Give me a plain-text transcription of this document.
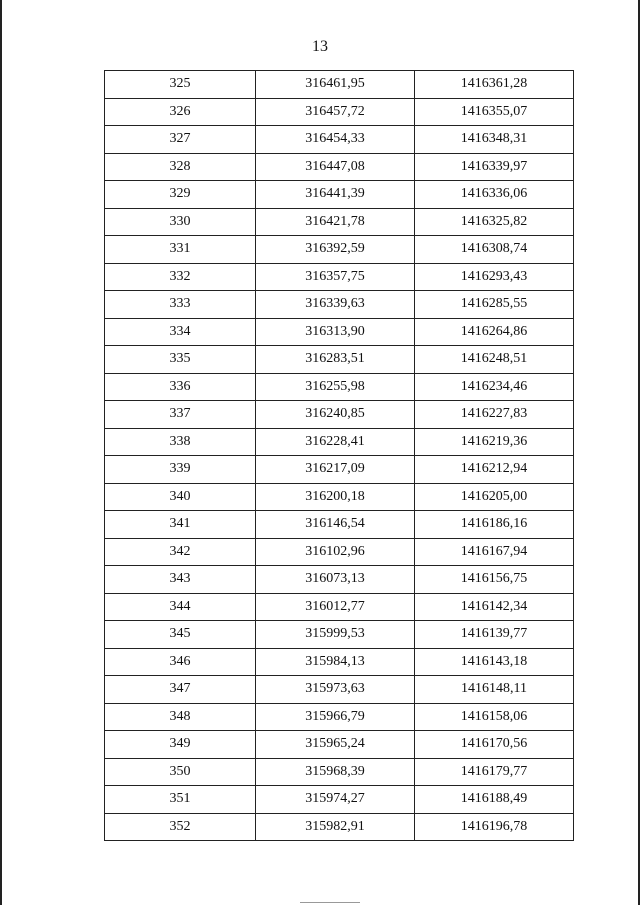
13
325	316461,95	1416361,28
326	316457,72	1416355,07
327	316454,33	1416348,31
328	316447,08	1416339,97
329	316441,39	1416336,06
330	316421,78	1416325,82
331	316392,59	1416308,74
332	316357,75	1416293,43
333	316339,63	1416285,55
334	316313,90	1416264,86
335	316283,51	1416248,51
336	316255,98	1416234,46
337	316240,85	1416227,83
338	316228,41	1416219,36
339	316217,09	1416212,94
340	316200,18	1416205,00
341	316146,54	1416186,16
342	316102,96	1416167,94
343	316073,13	1416156,75
344	316012,77	1416142,34
345	315999,53	1416139,77
346	315984,13	1416143,18
347	315973,63	1416148,11
348	315966,79	1416158,06
349	315965,24	1416170,56
350	315968,39	1416179,77
351	315974,27	1416188,49
352	315982,91	1416196,78
